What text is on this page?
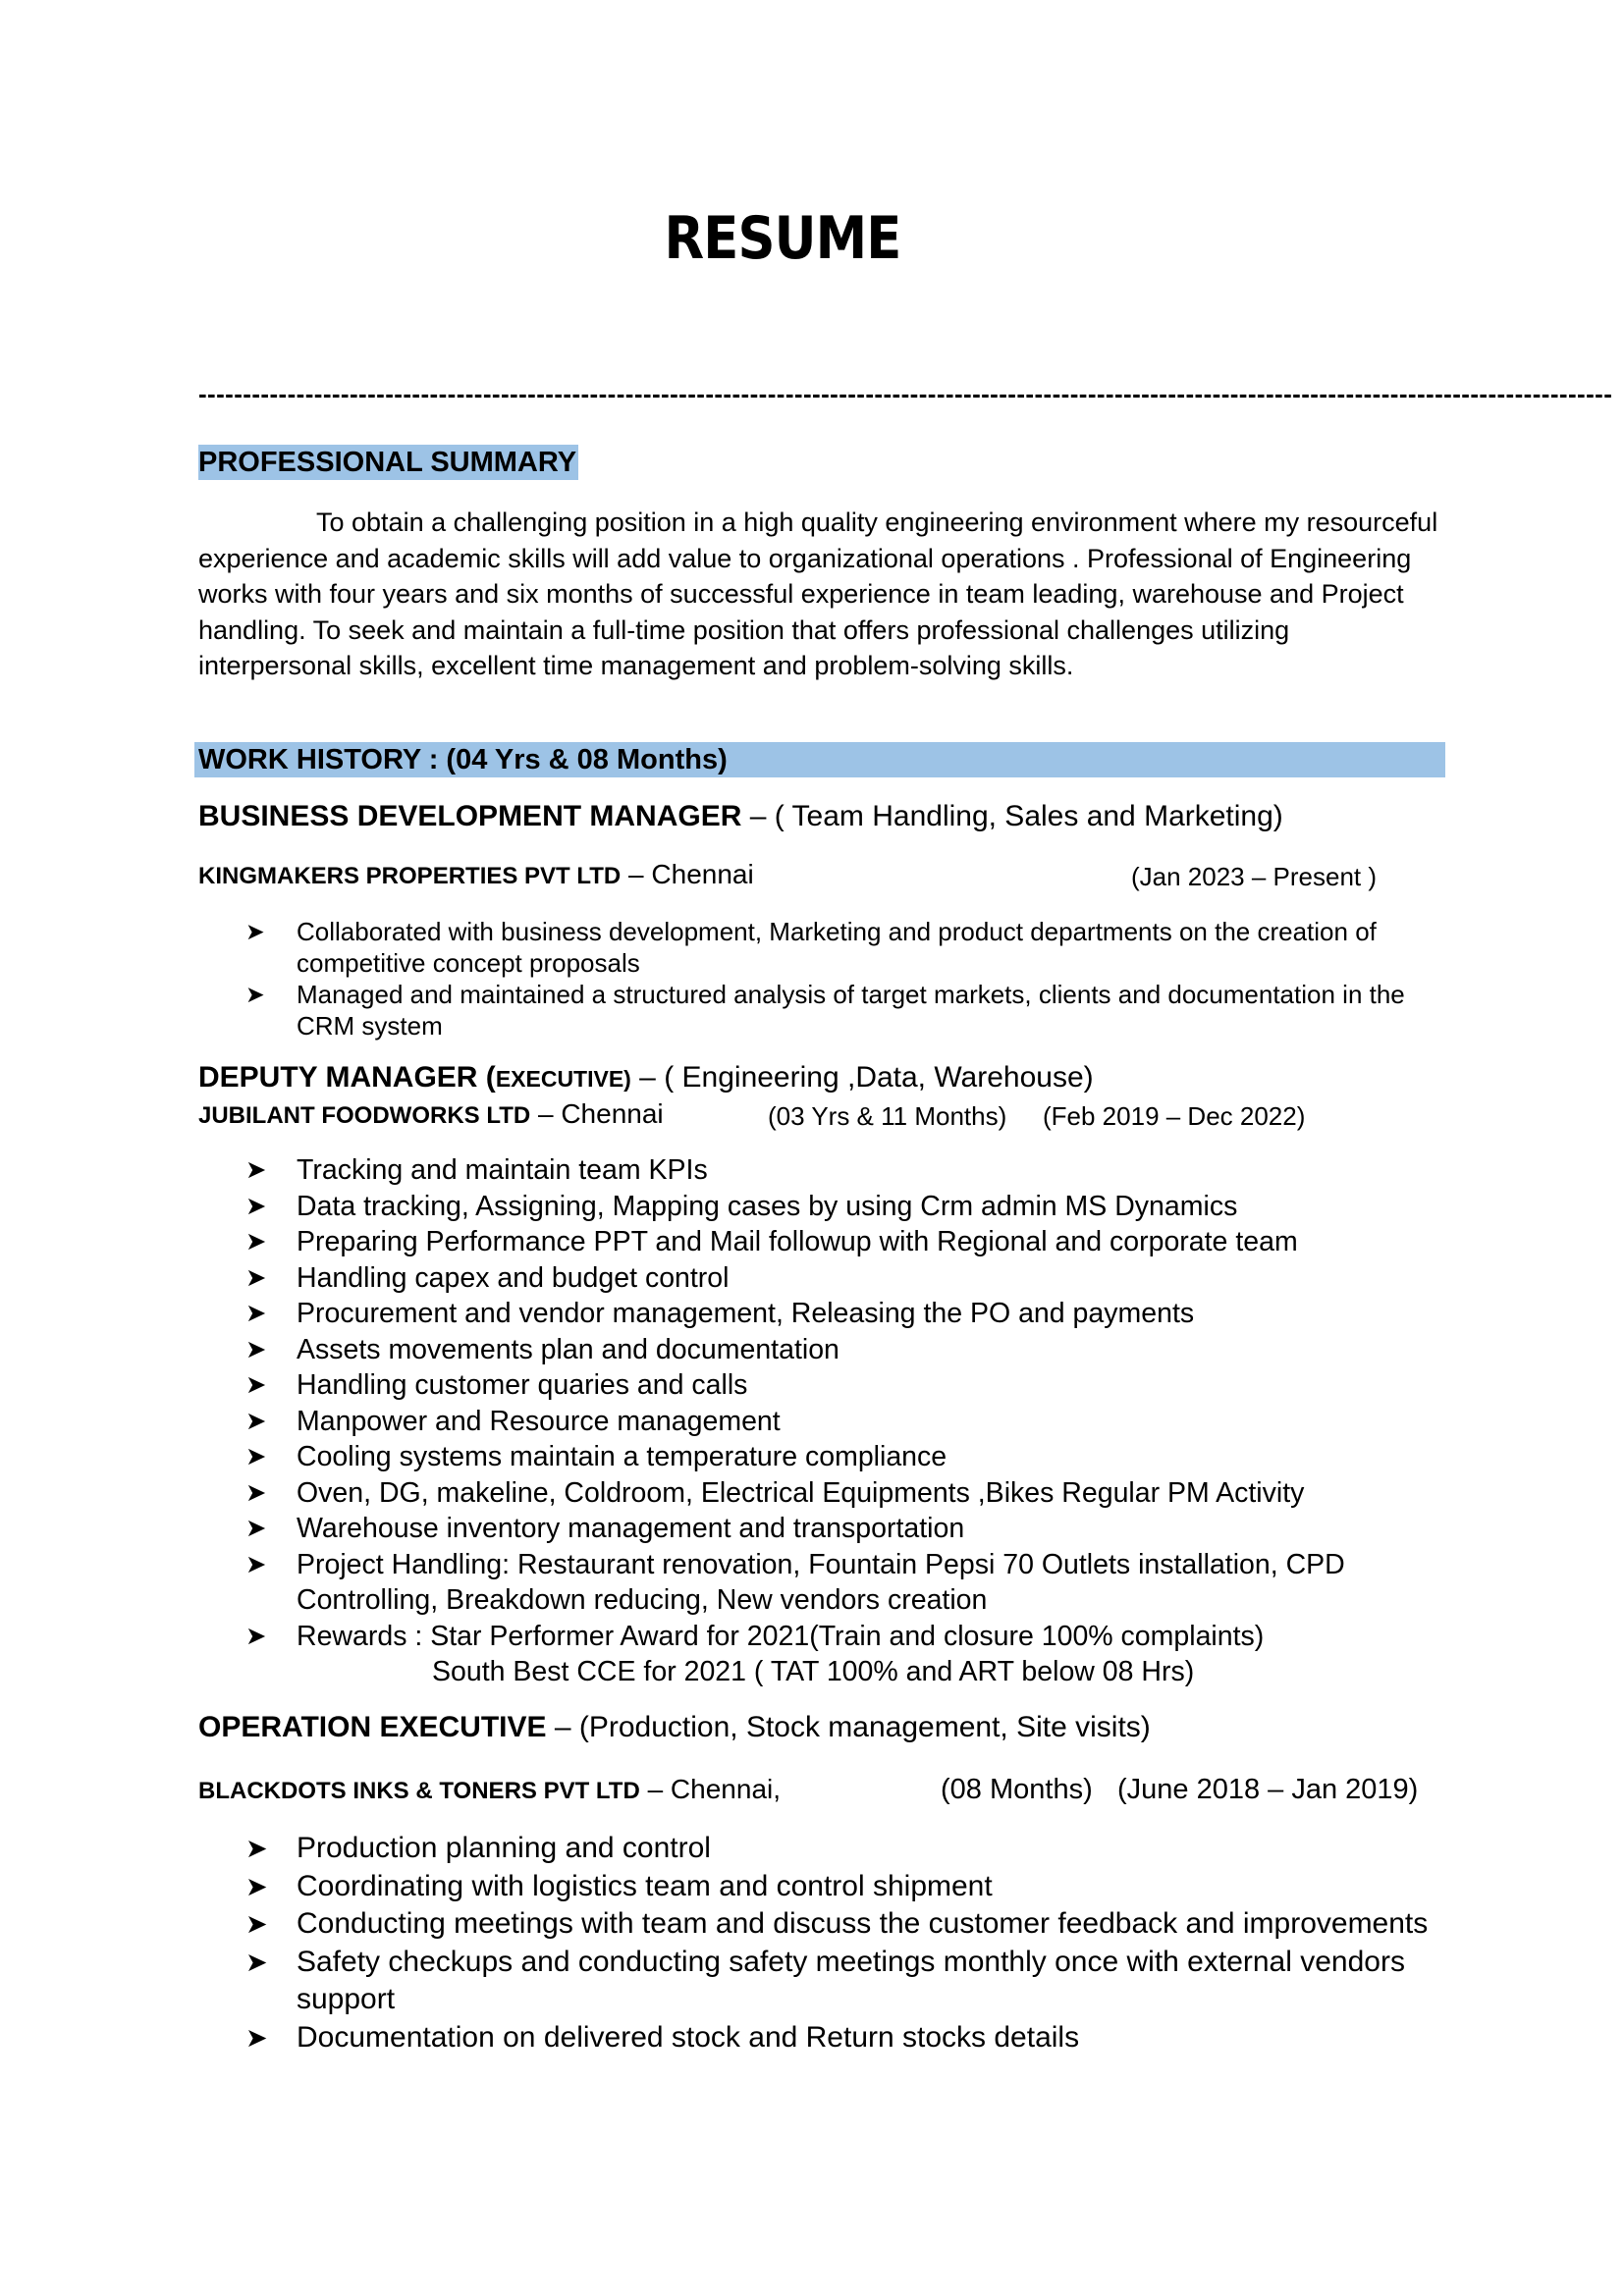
RESUME
---------------------------------------------------------------------------------------------------------------------------------------------------------------
PROFESSIONAL SUMMARY
To obtain a challenging position in a high quality engineering environment where my resourceful experience and academic skills will add value to organizational operations . Professional of Engineering works with four years and six months of successful experience in team leading, warehouse and Project handling. To seek and maintain a full-time position that offers professional challenges utilizing interpersonal skills, excellent time management and problem-solving skills.
WORK HISTORY : (04 Yrs & 08 Months)
BUSINESS DEVELOPMENT MANAGER – ( Team Handling, Sales and Marketing)
KINGMAKERS PROPERTIES PVT LTD – Chennai	(Jan 2023 – Present )
➤ Collaborated with business development, Marketing and product departments on the creation of competitive concept proposals
➤ Managed and maintained a structured analysis of target markets, clients and documentation in the CRM system
DEPUTY MANAGER (EXECUTIVE) – ( Engineering ,Data, Warehouse)
JUBILANT FOODWORKS LTD – Chennai	(03 Yrs & 11 Months) (Feb 2019 – Dec 2022)
➤ Tracking and maintain team KPIs
➤ Data tracking, Assigning, Mapping cases by using Crm admin MS Dynamics
➤ Preparing Performance PPT and Mail followup with Regional and corporate team
➤ Handling capex and budget control
➤ Procurement and vendor management, Releasing the PO and payments
➤ Assets movements plan and documentation
➤ Handling customer quaries and calls
➤ Manpower and Resource management
➤ Cooling systems maintain a temperature compliance
➤ Oven, DG, makeline, Coldroom, Electrical Equipments ,Bikes Regular PM Activity
➤ Warehouse inventory management and transportation
➤ Project Handling: Restaurant renovation, Fountain Pepsi 70 Outlets installation, CPD Controlling, Breakdown reducing, New vendors creation
➤ Rewards : Star Performer Award for 2021(Train and closure 100% complaints)
South Best CCE for 2021 ( TAT 100% and ART below 08 Hrs)
OPERATION EXECUTIVE – (Production, Stock management, Site visits)
BLACKDOTS INKS & TONERS PVT LTD – Chennai,	(08 Months) (June 2018 – Jan 2019)
➤ Production planning and control
➤ Coordinating with logistics team and control shipment
➤ Conducting meetings with team and discuss the customer feedback and improvements
➤ Safety checkups and conducting safety meetings monthly once with external vendors support
➤ Documentation on delivered stock and Return stocks details
